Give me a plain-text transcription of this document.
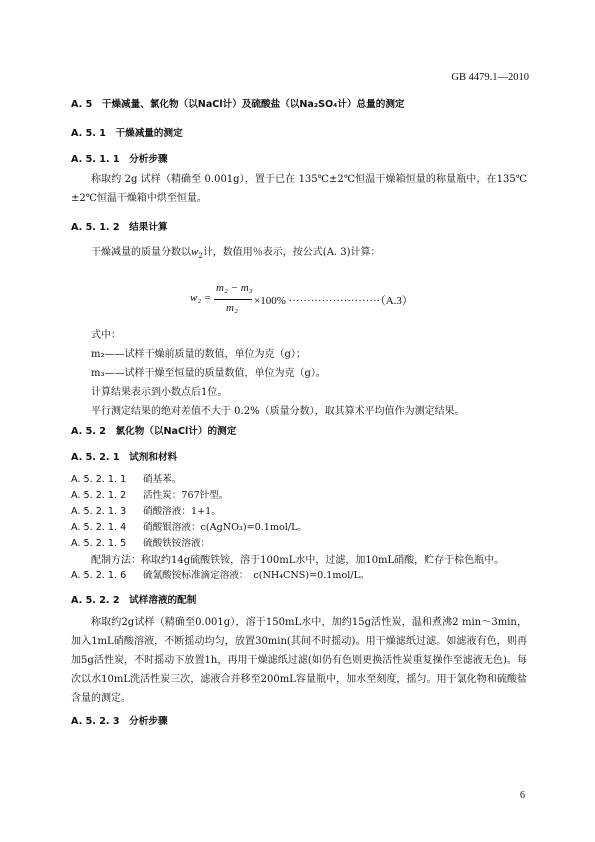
GB 4479.1—2010
A. 5　干燥减量、氯化物（以NaCl计）及硫酸盐（以Na₂SO₄计）总量的测定
A. 5. 1　干燥减量的测定
A. 5. 1. 1　分析步骤
称取约 2g 试样（精确至 0.001g），置于已在 135℃±2℃恒温干燥箱恒量的称量瓶中，在135℃±2℃恒温干燥箱中烘至恒量。
A. 5. 1. 2　结果计算
干燥减量的质量分数以$w_2$计，数值用％表示，按公式(A. 3)计算：
w₂ =
m₂ − m₃
m₂
×100% ·························（A.3）
式中：
m₂——试样干燥前质量的数值，单位为克（g）；
m₃——试样干燥至恒量的质量数值，单位为克（g）。
计算结果表示到小数点后1位。
平行测定结果的绝对差值不大于 0.2%（质量分数），取其算术平均值作为测定结果。
A. 5. 2　氯化物（以NaCl计）的测定
A. 5. 2. 1　试剂和材料
A. 5. 2. 1. 1 硝基苯。
A. 5. 2. 1. 2 活性炭：767针型。
A. 5. 2. 1. 3 硝酸溶液：1+1。
A. 5. 2. 1. 4 硝酸银溶液：c(AgNO₃)=0.1mol/L。
A. 5. 2. 1. 5 硫酸铁铵溶液：
配制方法：称取约14g硫酸铁铵，溶于100mL水中，过滤，加10mL硝酸，贮存于棕色瓶中。
A. 5. 2. 1. 6 硫氰酸铵标准滴定溶液：　c(NH₄CNS)=0.1mol/L。
A. 5. 2. 2　试样溶液的配制
称取约2g试样（精确至0.001g），溶于150mL水中，加约15g活性炭，温和煮沸2 min～3min，加入1mL硝酸溶液，不断摇动均匀，放置30min(其间不时摇动)。用干燥滤纸过滤。如滤液有色，则再加5g活性炭，不时摇动下放置1h，再用干燥滤纸过滤(如仍有色则更换活性炭重复操作至滤液无色)。每次以水10mL洗活性炭三次，滤液合并移至200mL容量瓶中，加水至刻度，摇匀。用于氯化物和硫酸盐含量的测定。
A. 5. 2. 3　分析步骤
6
